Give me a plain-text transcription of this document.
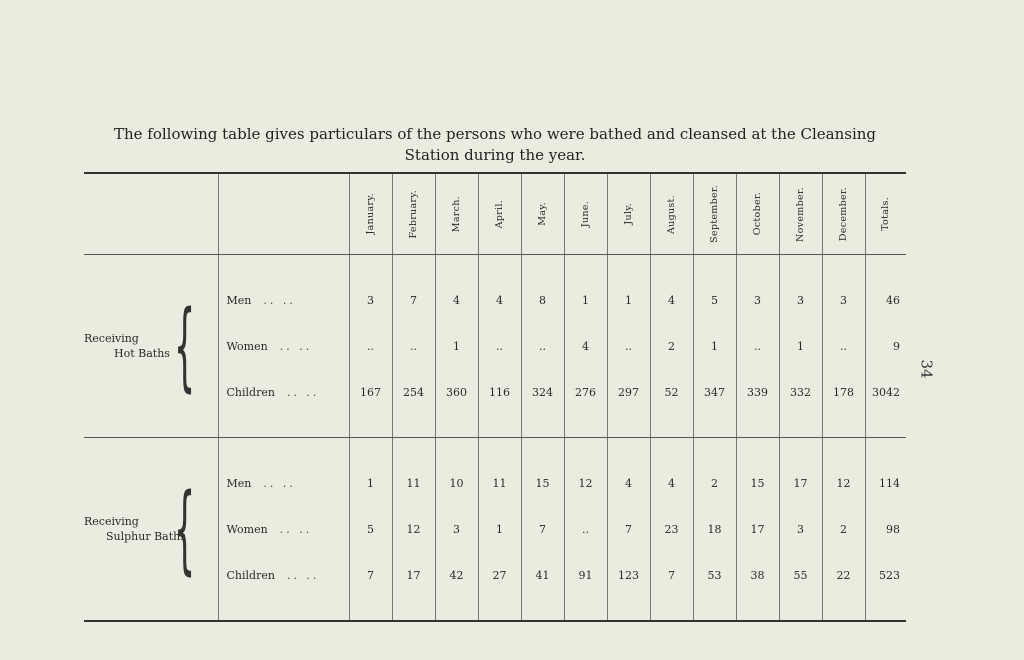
The following table gives particulars of the persons who were bathed and cleansed at the Cleansing
Station during the year.
34

		January.	February.	March.	April.	May.	June.	July.	August.	September.	October.	November.	December.	Totals.

Receiving
Hot Baths {	Men .. ..	3	7	4	4	8	1	1	4	5	3	3	3	46
	Women .. ..	..	..	1	..	..	4	..	2	1	..	1	..	9
	Children .. ..	167	254	360	116	324	276	297	52	347	339	332	178	3042

Receiving
Sulphur Baths
{	Men .. ..	1	11	10	11	15	12	4	4	2	15	17	12	114
	Women .. ..	5	12	3	1	7	..	7	23	18	17	3	2	98
	Children .. ..	7	17	42	27	41	91	123	7	53	38	55	22	523
